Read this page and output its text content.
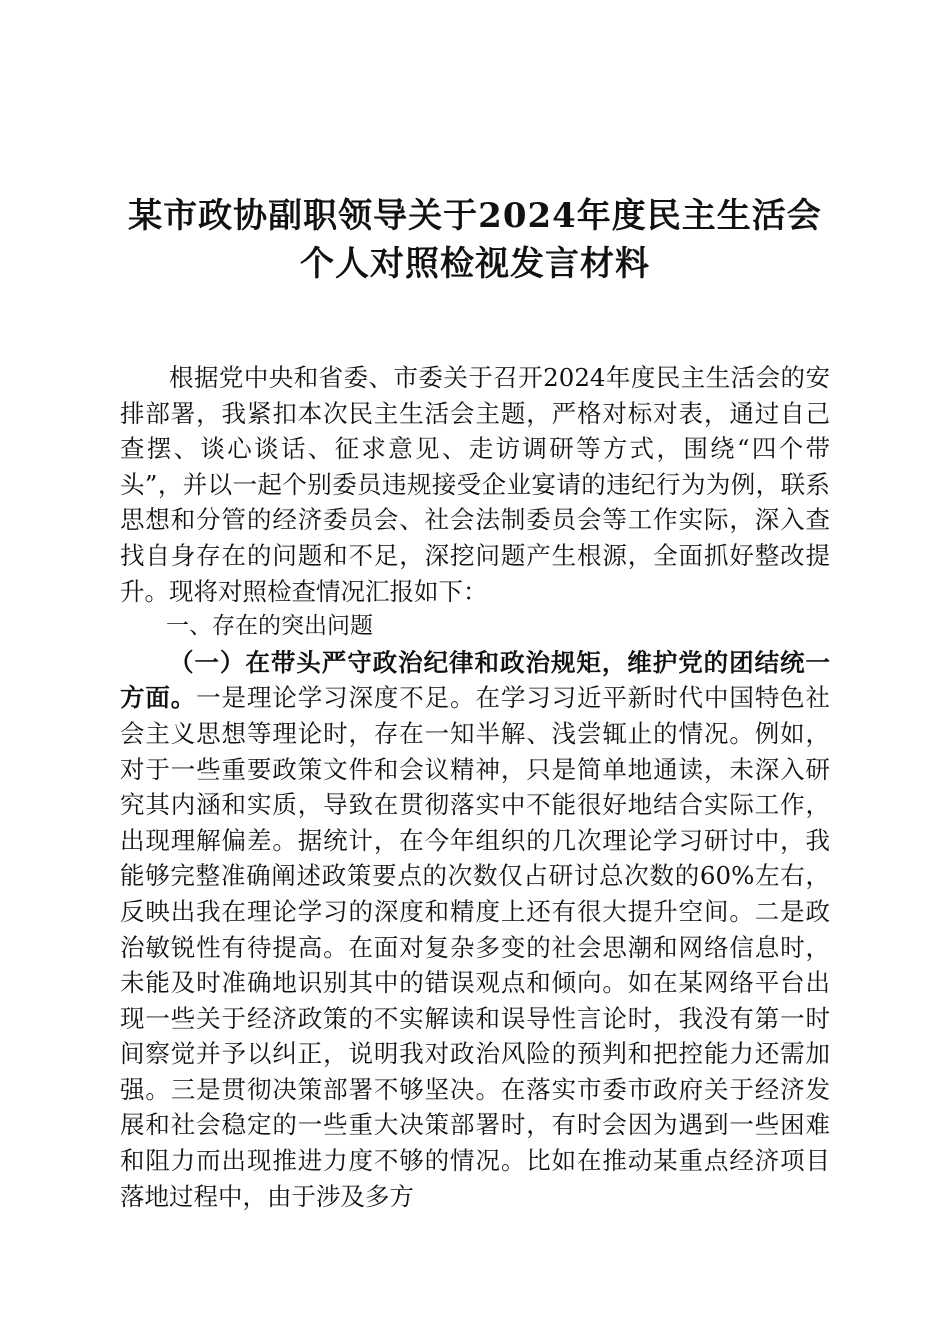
某市政协副职领导关于2024年度民主生活会
个人对照检视发言材料

根据党中央和省委、市委关于召开2024年度民主生活会的安排部署，我紧扣本次民主生活会主题，严格对标对表，通过自己查摆、谈心谈话、征求意见、走访调研等方式，围绕“四个带头”，并以一起个别委员违规接受企业宴请的违纪行为为例，联系思想和分管的经济委员会、社会法制委员会等工作实际，深入查找自身存在的问题和不足，深挖问题产生根源，全面抓好整改提升。现将对照检查情况汇报如下：

一、存在的突出问题

（一）在带头严守政治纪律和政治规矩，维护党的团结统一方面。一是理论学习深度不足。在学习习近平新时代中国特色社会主义思想等理论时，存在一知半解、浅尝辄止的情况。例如，对于一些重要政策文件和会议精神，只是简单地通读，未深入研究其内涵和实质，导致在贯彻落实中不能很好地结合实际工作，出现理解偏差。据统计，在今年组织的几次理论学习研讨中，我能够完整准确阐述政策要点的次数仅占研讨总次数的60%左右，反映出我在理论学习的深度和精度上还有很大提升空间。二是政治敏锐性有待提高。在面对复杂多变的社会思潮和网络信息时，未能及时准确地识别其中的错误观点和倾向。如在某网络平台出现一些关于经济政策的不实解读和误导性言论时，我没有第一时间察觉并予以纠正，说明我对政治风险的预判和把控能力还需加强。三是贯彻决策部署不够坚决。在落实市委市政府关于经济发展和社会稳定的一些重大决策部署时，有时会因为遇到一些困难和阻力而出现推进力度不够的情况。比如在推动某重点经济项目落地过程中，由于涉及多方
